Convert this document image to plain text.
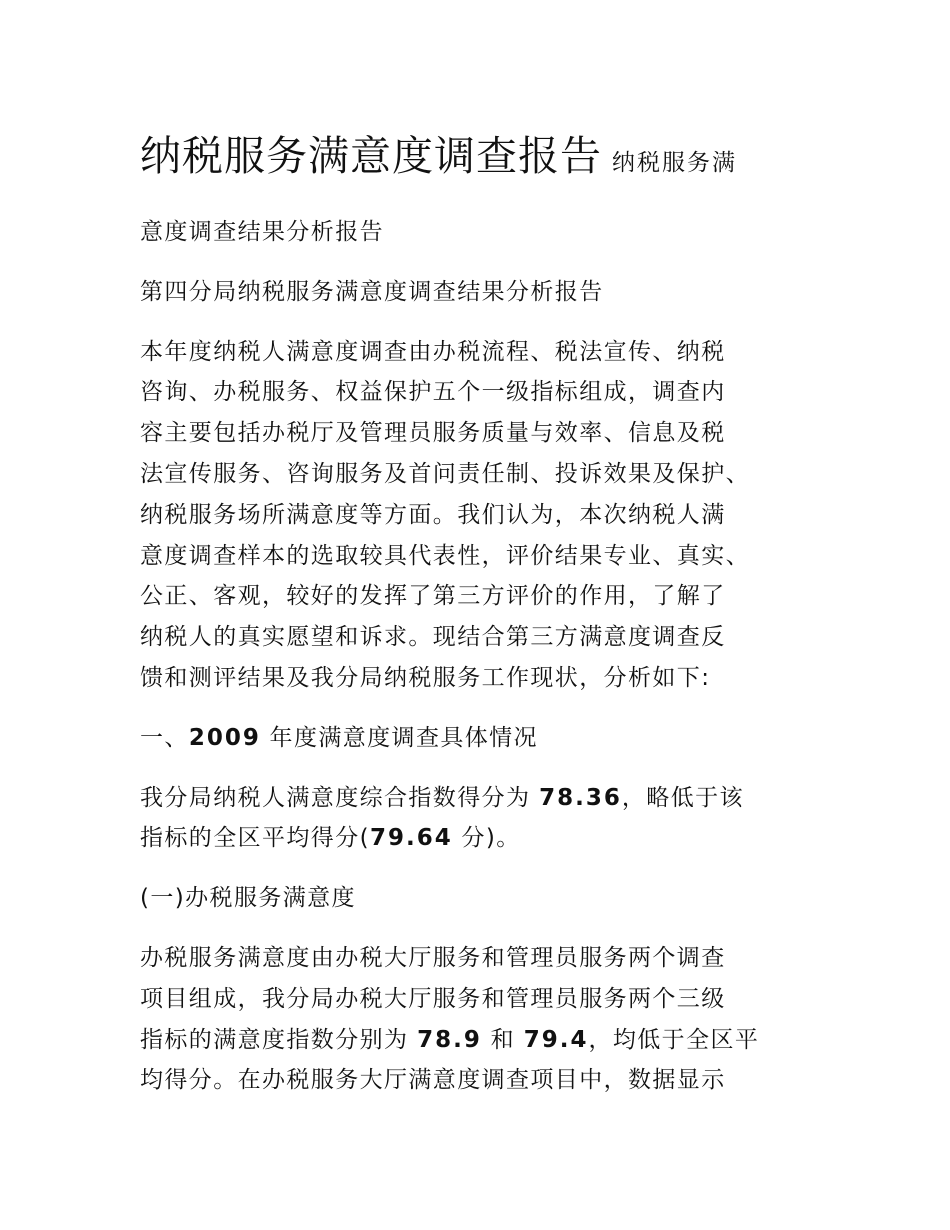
纳税服务满意度调查报告 纳税服务满

意度调查结果分析报告

第四分局纳税服务满意度调查结果分析报告

本年度纳税人满意度调查由办税流程、税法宣传、纳税
咨询、办税服务、权益保护五个一级指标组成，调查内
容主要包括办税厅及管理员服务质量与效率、信息及税
法宣传服务、咨询服务及首问责任制、投诉效果及保护、
纳税服务场所满意度等方面。我们认为，本次纳税人满
意度调查样本的选取较具代表性，评价结果专业、真实、
公正、客观，较好的发挥了第三方评价的作用，了解了
纳税人的真实愿望和诉求。现结合第三方满意度调查反
馈和测评结果及我分局纳税服务工作现状，分析如下:

一、2009 年度满意度调查具体情况

我分局纳税人满意度综合指数得分为 78.36，略低于该
指标的全区平均得分(79.64 分)。

(一)办税服务满意度

办税服务满意度由办税大厅服务和管理员服务两个调查
项目组成，我分局办税大厅服务和管理员服务两个三级
指标的满意度指数分别为 78.9 和 79.4，均低于全区平
均得分。在办税服务大厅满意度调查项目中，数据显示
